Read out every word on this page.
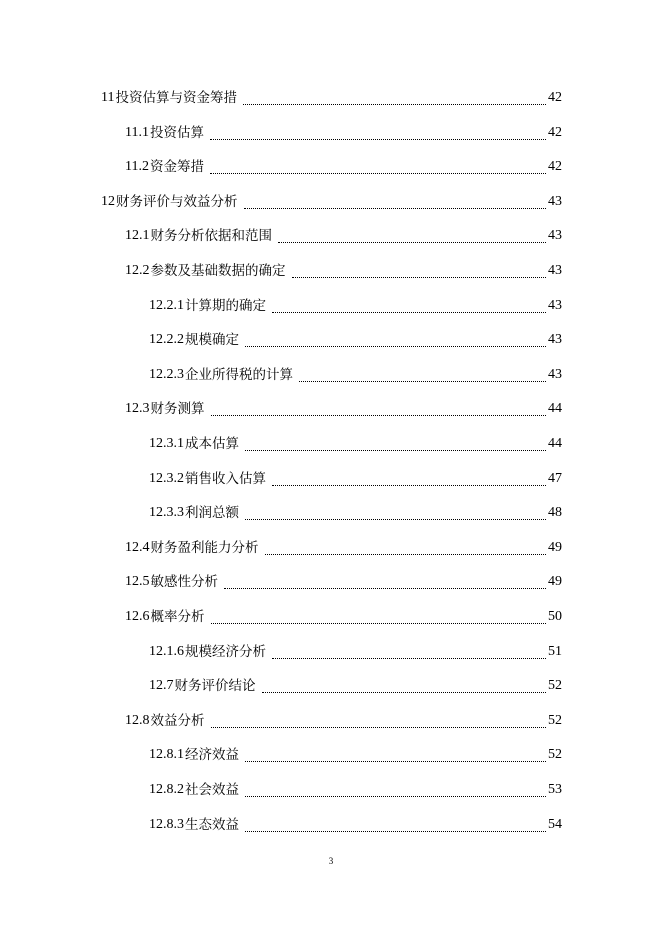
11 投资估算与资金筹措	42
11.1 投资估算	42
11.2 资金筹措	42
12 财务评价与效益分析	43
12.1 财务分析依据和范围	43
12.2 参数及基础数据的确定	43
12.2.1 计算期的确定	43
12.2.2 规模确定	43
12.2.3 企业所得税的计算	43
12.3 财务测算	44
12.3.1 成本估算	44
12.3.2 销售收入估算	47
12.3.3 利润总额	48
12.4 财务盈利能力分析	49
12.5 敏感性分析	49
12.6 概率分析	50
12.1.6 规模经济分析	51
12.7 财务评价结论	52
12.8 效益分析	52
12.8.1 经济效益	52
12.8.2 社会效益	53
12.8.3 生态效益	54
3
